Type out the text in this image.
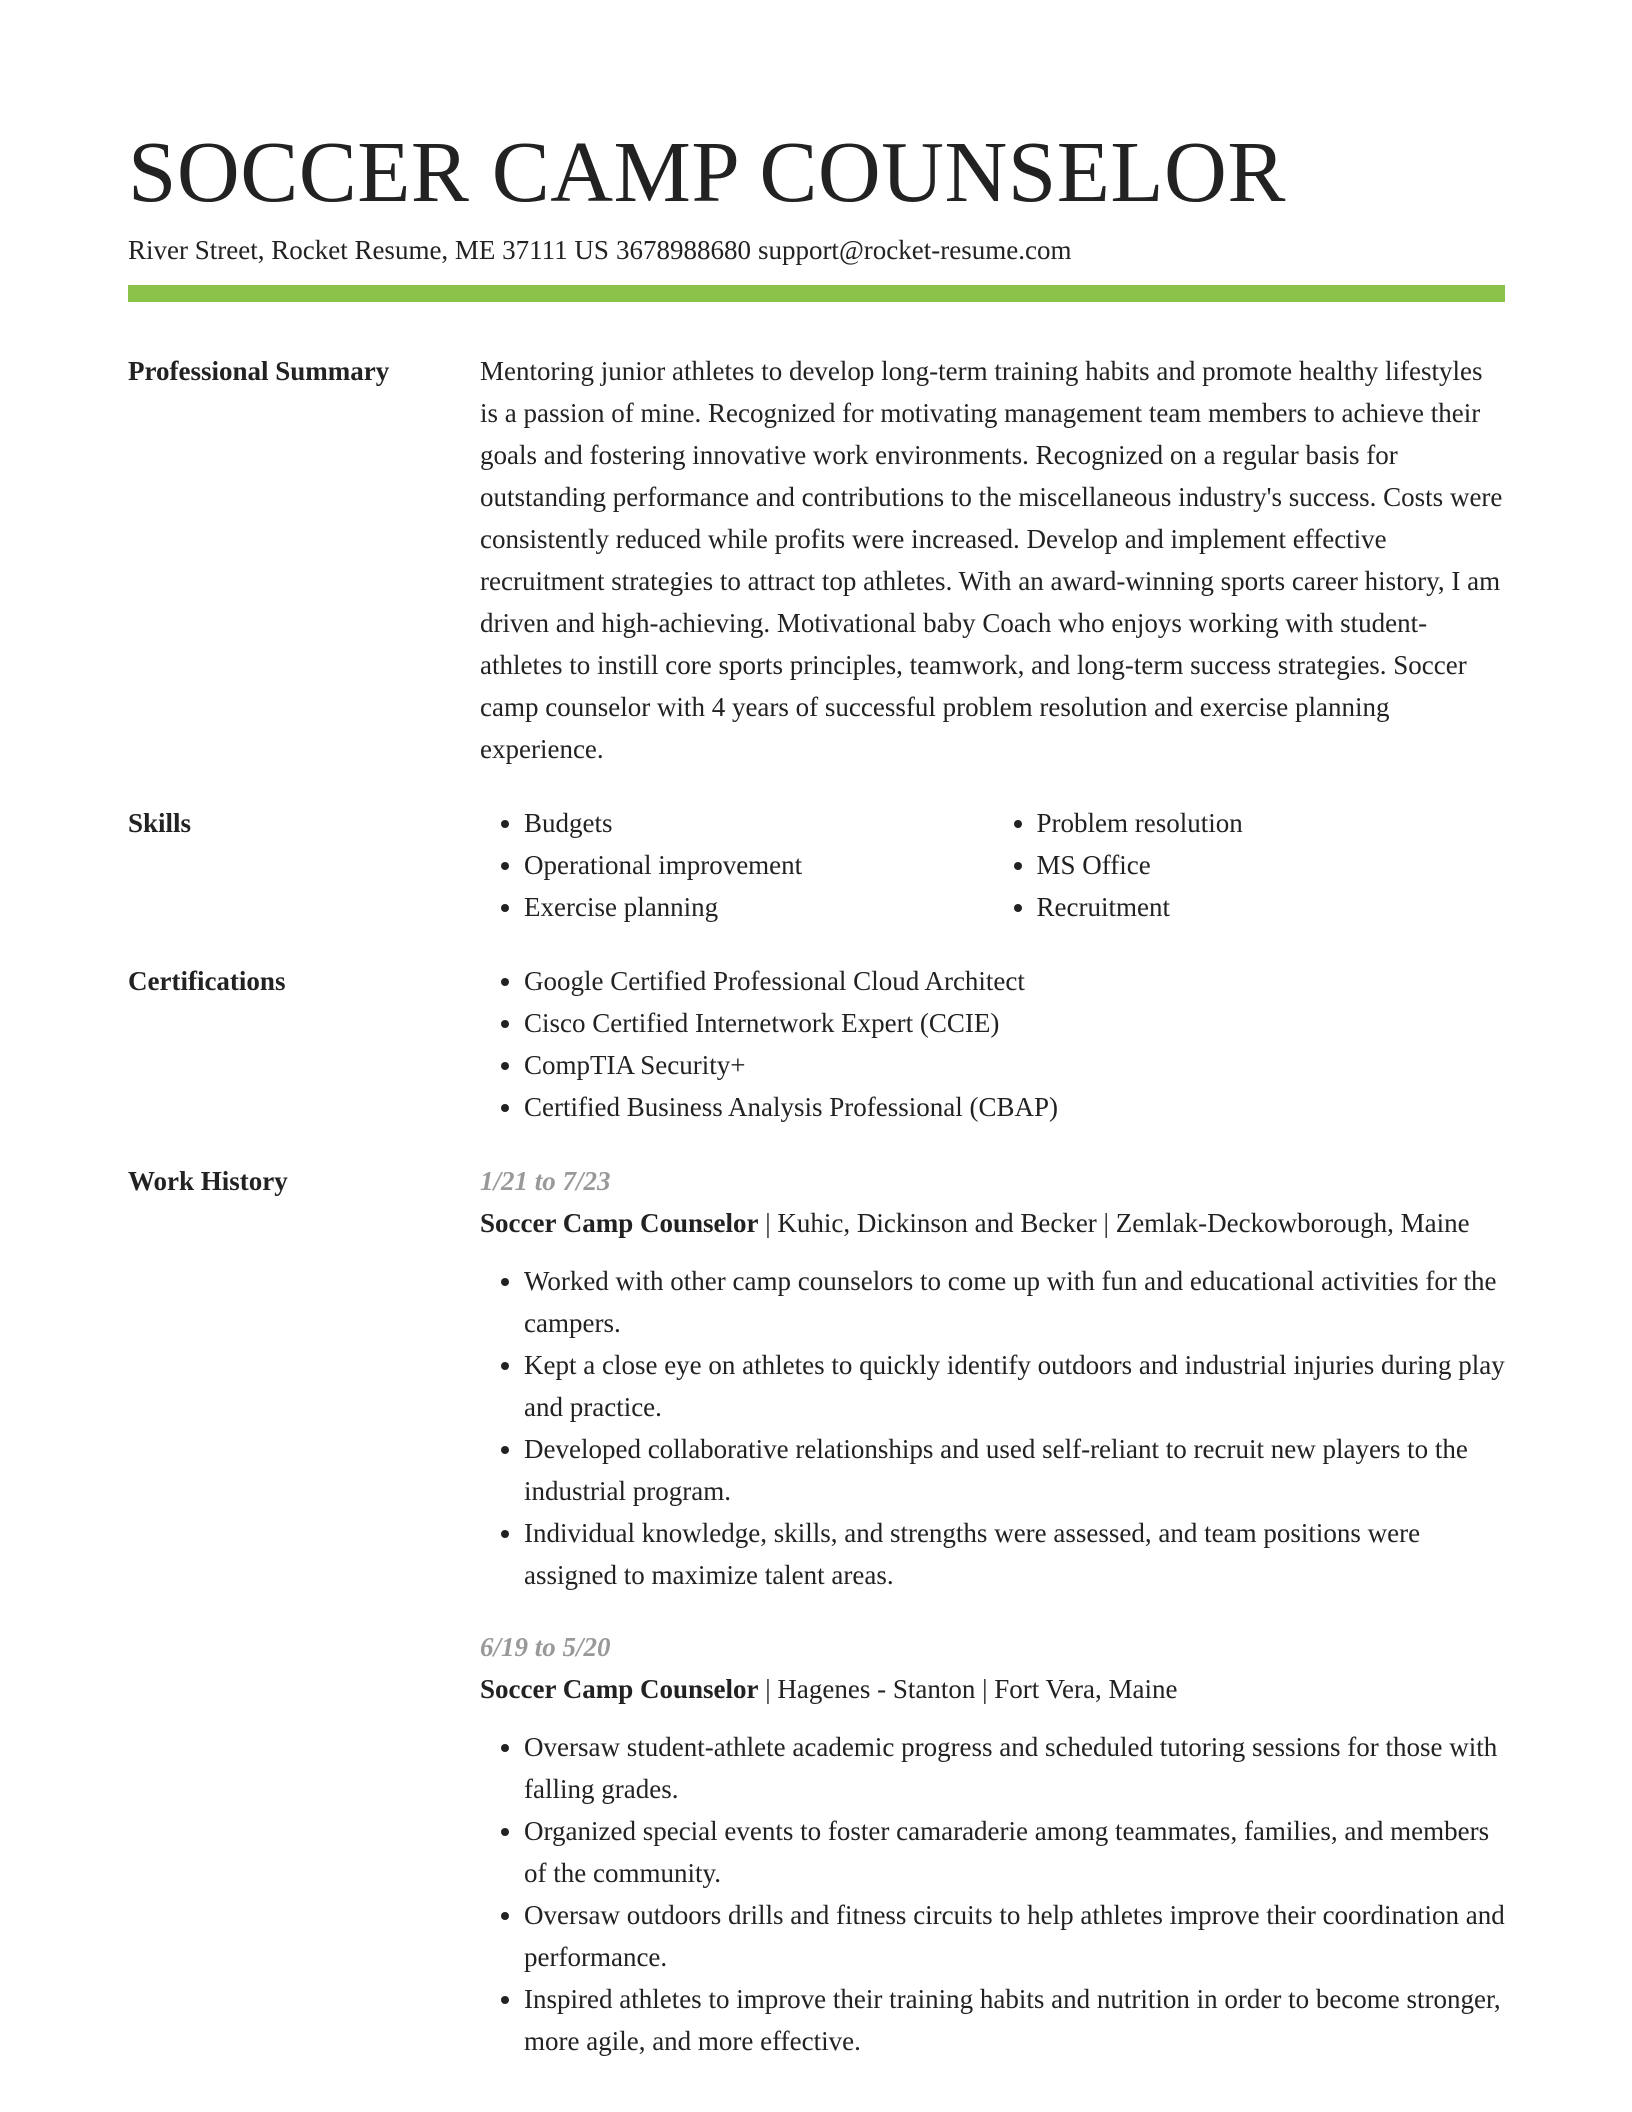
SOCCER CAMP COUNSELOR
River Street, Rocket Resume, ME 37111 US 3678988680 support@rocket-resume.com
Professional Summary	Mentoring junior athletes to develop long-term training habits and promote healthy lifestyles is a passion of mine. Recognized for motivating management team members to achieve their goals and fostering innovative work environments. Recognized on a regular basis for outstanding performance and contributions to the miscellaneous industry's success. Costs were consistently reduced while profits were increased. Develop and implement effective recruitment strategies to attract top athletes. With an award-winning sports career history, I am driven and high-achieving. Motivational baby Coach who enjoys working with student-athletes to instill core sports principles, teamwork, and long-term success strategies. Soccer camp counselor with 4 years of successful problem resolution and exercise planning experience.

Skills	• Budgets
• Operational improvement
• Exercise planning
• Problem resolution
• MS Office
• Recruitment
Certifications	• Google Certified Professional Cloud Architect
• Cisco Certified Internetwork Expert (CCIE)
• CompTIA Security+
• Certified Business Analysis Professional (CBAP)
Work History	1/21 to 7/23
Soccer Camp Counselor | Kuhic, Dickinson and Becker | Zemlak-Deckowborough, Maine
• Worked with other camp counselors to come up with fun and educational activities for the campers.
• Kept a close eye on athletes to quickly identify outdoors and industrial injuries during play and practice.
• Developed collaborative relationships and used self-reliant to recruit new players to the industrial program.
• Individual knowledge, skills, and strengths were assessed, and team positions were assigned to maximize talent areas.
6/19 to 5/20
Soccer Camp Counselor | Hagenes - Stanton | Fort Vera, Maine
• Oversaw student-athlete academic progress and scheduled tutoring sessions for those with falling grades.
• Organized special events to foster camaraderie among teammates, families, and members of the community.
• Oversaw outdoors drills and fitness circuits to help athletes improve their coordination and performance.
• Inspired athletes to improve their training habits and nutrition in order to become stronger, more agile, and more effective.
